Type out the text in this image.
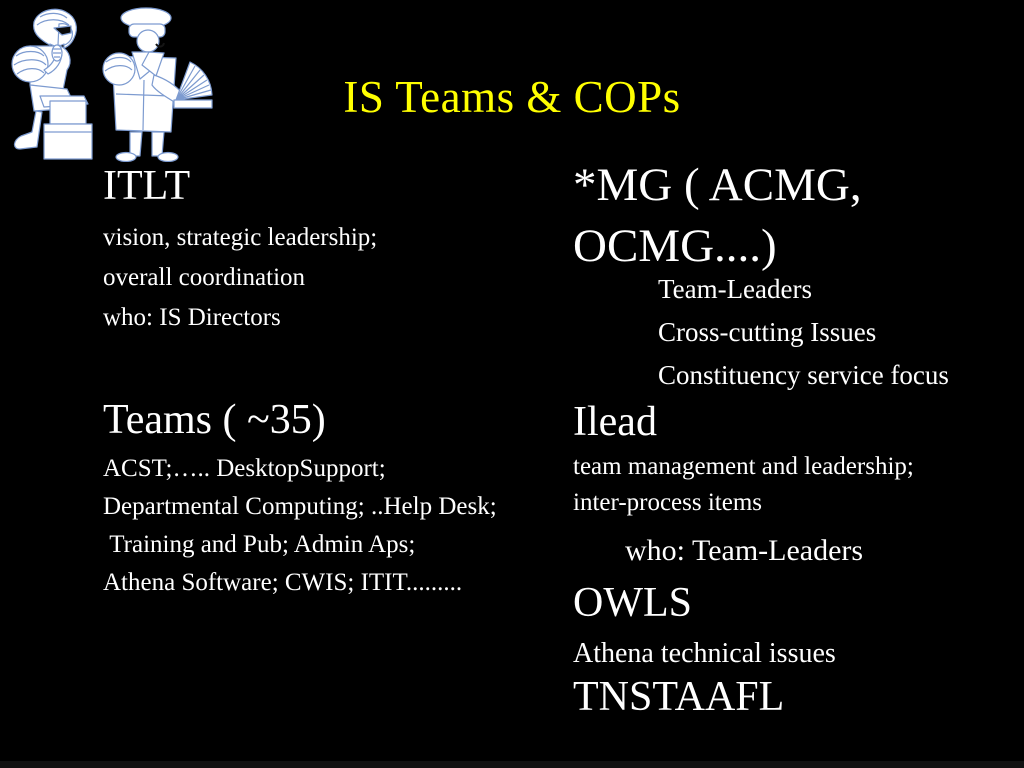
IS Teams & COPs
ITLT
vision, strategic leadership;
overall coordination
who: IS Directors
Teams ( ~35)
ACST;….. DesktopSupport;
Departmental Computing; ..Help Desk;
Training and Pub; Admin Aps;
Athena Software; CWIS; ITIT.........
*MG ( ACMG,
OCMG....)
Team-Leaders
Cross-cutting Issues
Constituency service focus
Ilead
team management and leadership;
inter-process items
who: Team-Leaders
OWLS
Athena technical issues
TNSTAAFL
